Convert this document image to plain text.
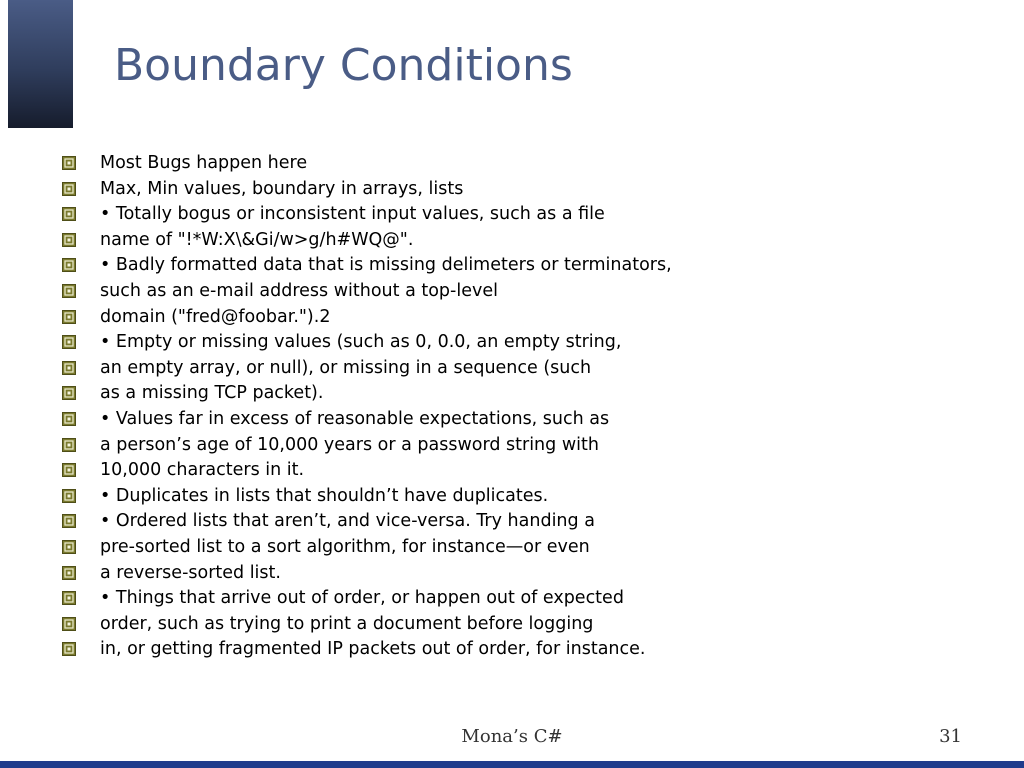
Boundary Conditions
Most Bugs happen here
Max, Min values, boundary in arrays, lists
• Totally bogus or inconsistent input values, such as a file
name of "!*W:X\&Gi/w>g/h#WQ@".
• Badly formatted data that is missing delimeters or terminators,
such as an e-mail address without a top-level
domain ("fred@foobar.").2
• Empty or missing values (such as 0, 0.0, an empty string,
an empty array, or null), or missing in a sequence (such
as a missing TCP packet).
• Values far in excess of reasonable expectations, such as
a person’s age of 10,000 years or a password string with
10,000 characters in it.
• Duplicates in lists that shouldn’t have duplicates.
• Ordered lists that aren’t, and vice-versa. Try handing a
pre-sorted list to a sort algorithm, for instance—or even
a reverse-sorted list.
• Things that arrive out of order, or happen out of expected
order, such as trying to print a document before logging
in, or getting fragmented IP packets out of order, for instance.
Mona’s C#	31
